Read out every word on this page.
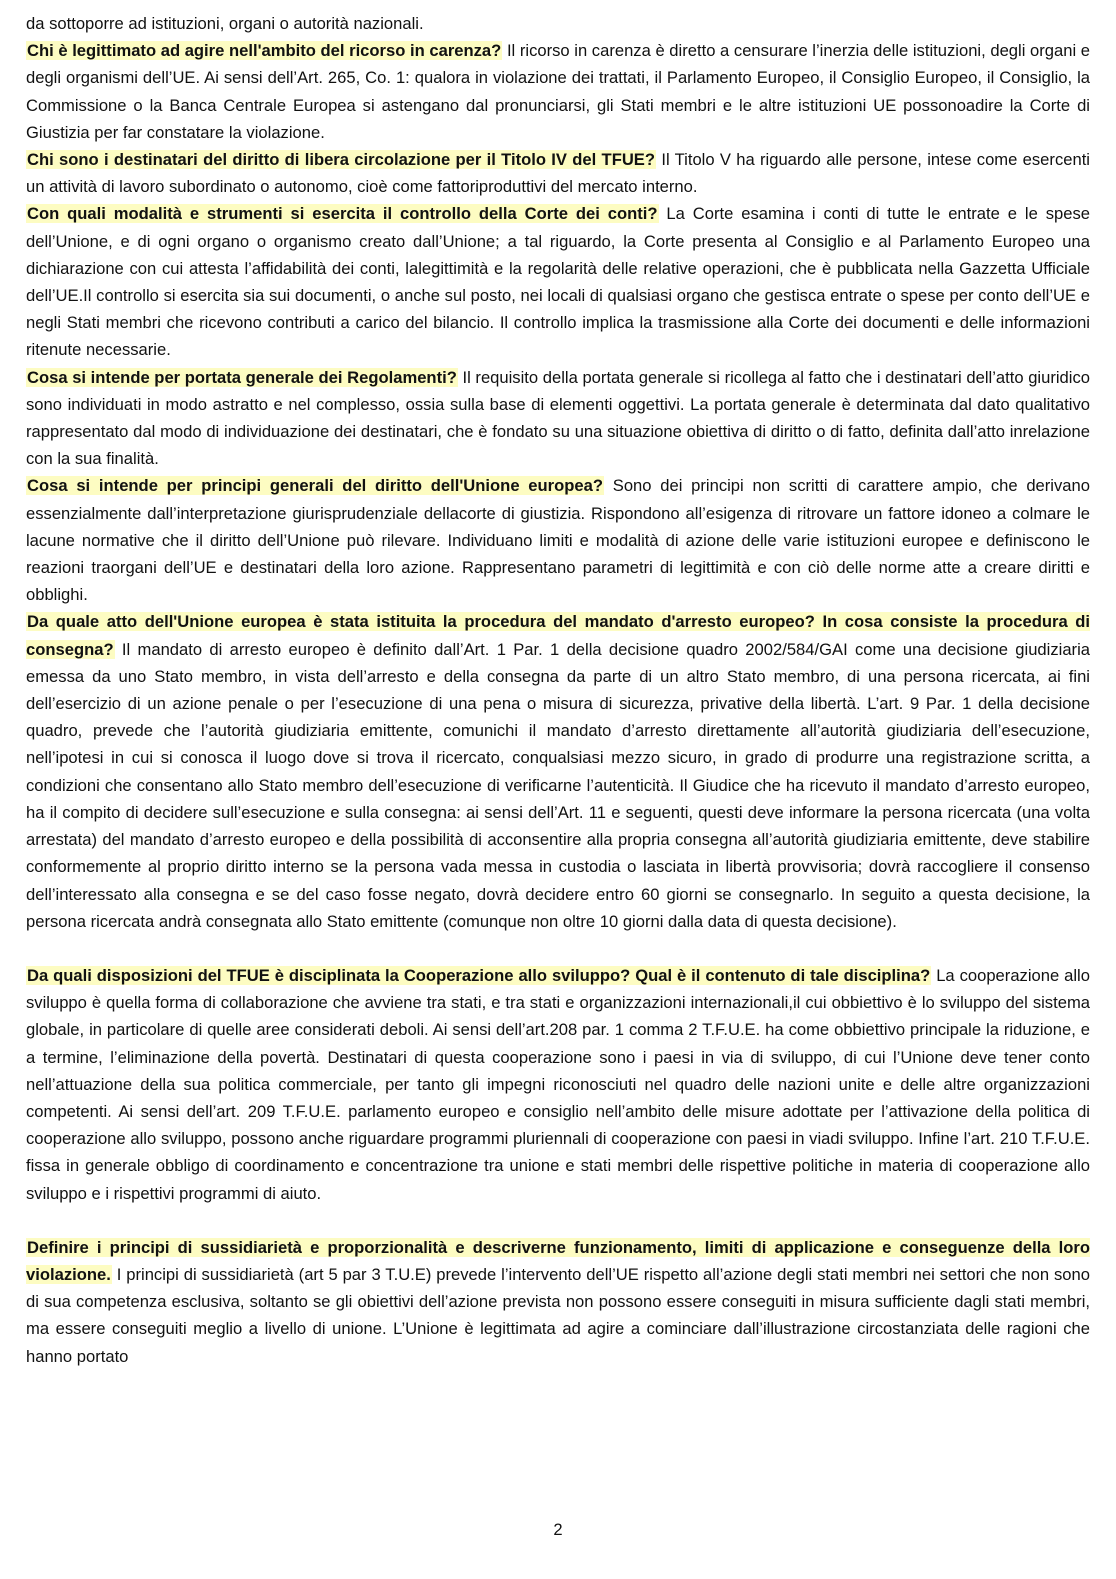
da sottoporre ad istituzioni, organi o autorità nazionali.

Chi è legittimato ad agire nell'ambito del ricorso in carenza? Il ricorso in carenza è diretto a censurare l’inerzia delle istituzioni, degli organi e degli organismi dell’UE. Ai sensi dell’Art. 265, Co. 1: qualora in violazione dei trattati, il Parlamento Europeo, il Consiglio Europeo, il Consiglio, la Commissione o la Banca Centrale Europea si astengano dal pronunciarsi, gli Stati membri e le altre istituzioni UE possonoadire la Corte di Giustizia per far constatare la violazione.

Chi sono i destinatari del diritto di libera circolazione per il Titolo IV del TFUE? Il Titolo V ha riguardo alle persone, intese come esercenti un attività di lavoro subordinato o autonomo, cioè come fattoriproduttivi del mercato interno.

Con quali modalità e strumenti si esercita il controllo della Corte dei conti? La Corte esamina i conti di tutte le entrate e le spese dell’Unione, e di ogni organo o organismo creato dall’Unione; a tal riguardo, la Corte presenta al Consiglio e al Parlamento Europeo una dichiarazione con cui attesta l’affidabilità dei conti, lalegittimità e la regolarità delle relative operazioni, che è pubblicata nella Gazzetta Ufficiale dell’UE.Il controllo si esercita sia sui documenti, o anche sul posto, nei locali di qualsiasi organo che gestisca entrate o spese per conto dell’UE e negli Stati membri che ricevono contributi a carico del bilancio. Il controllo implica la trasmissione alla Corte dei documenti e delle informazioni ritenute necessarie.

Cosa si intende per portata generale dei Regolamenti? Il requisito della portata generale si ricollega al fatto che i destinatari dell’atto giuridico sono individuati in modo astratto e nel complesso, ossia sulla base di elementi oggettivi. La portata generale è determinata dal dato qualitativo rappresentato dal modo di individuazione dei destinatari, che è fondato su una situazione obiettiva di diritto o di fatto, definita dall’atto inrelazione con la sua finalità.

Cosa si intende per principi generali del diritto dell'Unione europea? Sono dei principi non scritti di carattere ampio, che derivano essenzialmente dall’interpretazione giurisprudenziale dellacorte di giustizia. Rispondono all’esigenza di ritrovare un fattore idoneo a colmare le lacune normative che il diritto dell’Unione può rilevare. Individuano limiti e modalità di azione delle varie istituzioni europee e definiscono le reazioni traorgani dell’UE e destinatari della loro azione. Rappresentano parametri di legittimità e con ciò delle norme atte a creare diritti e obblighi.

Da quale atto dell'Unione europea è stata istituita la procedura del mandato d'arresto europeo? In cosa consiste la procedura di consegna? Il mandato di arresto europeo è definito dall’Art. 1 Par. 1 della decisione quadro 2002/584/GAI come una decisione giudiziaria emessa da uno Stato membro, in vista dell’arresto e della consegna da parte di un altro Stato membro, di una persona ricercata, ai fini dell’esercizio di un azione penale o per l’esecuzione di una pena o misura di sicurezza, privative della libertà. L’art. 9 Par. 1 della decisione quadro, prevede che l’autorità giudiziaria emittente, comunichi il mandato d’arresto direttamente all’autorità giudiziaria dell’esecuzione, nell’ipotesi in cui si conosca il luogo dove si trova il ricercato, conqualsiasi mezzo sicuro, in grado di produrre una registrazione scritta, a condizioni che consentano allo Stato membro dell’esecuzione di verificarne l’autenticità. Il Giudice che ha ricevuto il mandato d’arresto europeo, ha il compito di decidere sull’esecuzione e sulla consegna: ai sensi dell’Art. 11 e seguenti, questi deve informare la persona ricercata (una volta arrestata) del mandato d’arresto europeo e della possibilità di acconsentire alla propria consegna all’autorità giudiziaria emittente, deve stabilire conformemente al proprio diritto interno se la persona vada messa in custodia o lasciata in libertà provvisoria; dovrà raccogliere il consenso dell’interessato alla consegna e se del caso fosse negato, dovrà decidere entro 60 giorni se consegnarlo. In seguito a questa decisione, la persona ricercata andrà consegnata allo Stato emittente (comunque non oltre 10 giorni dalla data di questa decisione).

Da quali disposizioni del TFUE è disciplinata la Cooperazione allo sviluppo? Qual è il contenuto di tale disciplina? La cooperazione allo sviluppo è quella forma di collaborazione che avviene tra stati, e tra stati e organizzazioni internazionali,il cui obbiettivo è lo sviluppo del sistema globale, in particolare di quelle aree considerati deboli. Ai sensi dell’art.208 par. 1 comma 2 T.F.U.E. ha come obbiettivo principale la riduzione, e a termine, l’eliminazione della povertà. Destinatari di questa cooperazione sono i paesi in via di sviluppo, di cui l’Unione deve tener conto nell’attuazione della sua politica commerciale, per tanto gli impegni riconosciuti nel quadro delle nazioni unite e delle altre organizzazioni competenti. Ai sensi dell’art. 209 T.F.U.E. parlamento europeo e consiglio nell’ambito delle misure adottate per l’attivazione della politica di cooperazione allo sviluppo, possono anche riguardare programmi pluriennali di cooperazione con paesi in viadi sviluppo. Infine l’art. 210 T.F.U.E. fissa in generale obbligo di coordinamento e concentrazione tra unione e stati membri delle rispettive politiche in materia di cooperazione allo sviluppo e i rispettivi programmi di aiuto.

Definire i principi di sussidiarietà e proporzionalità e descriverne funzionamento, limiti di applicazione e conseguenze della loro violazione. I principi di sussidiarietà (art 5 par 3 T.U.E) prevede l’intervento dell’UE rispetto all’azione degli stati membri nei settori che non sono di sua competenza esclusiva, soltanto se gli obiettivi dell’azione prevista non possono essere conseguiti in misura sufficiente dagli stati membri, ma essere conseguiti meglio a livello di unione. L’Unione è legittimata ad agire a cominciare dall’illustrazione circostanziata delle ragioni che hanno portato

2
